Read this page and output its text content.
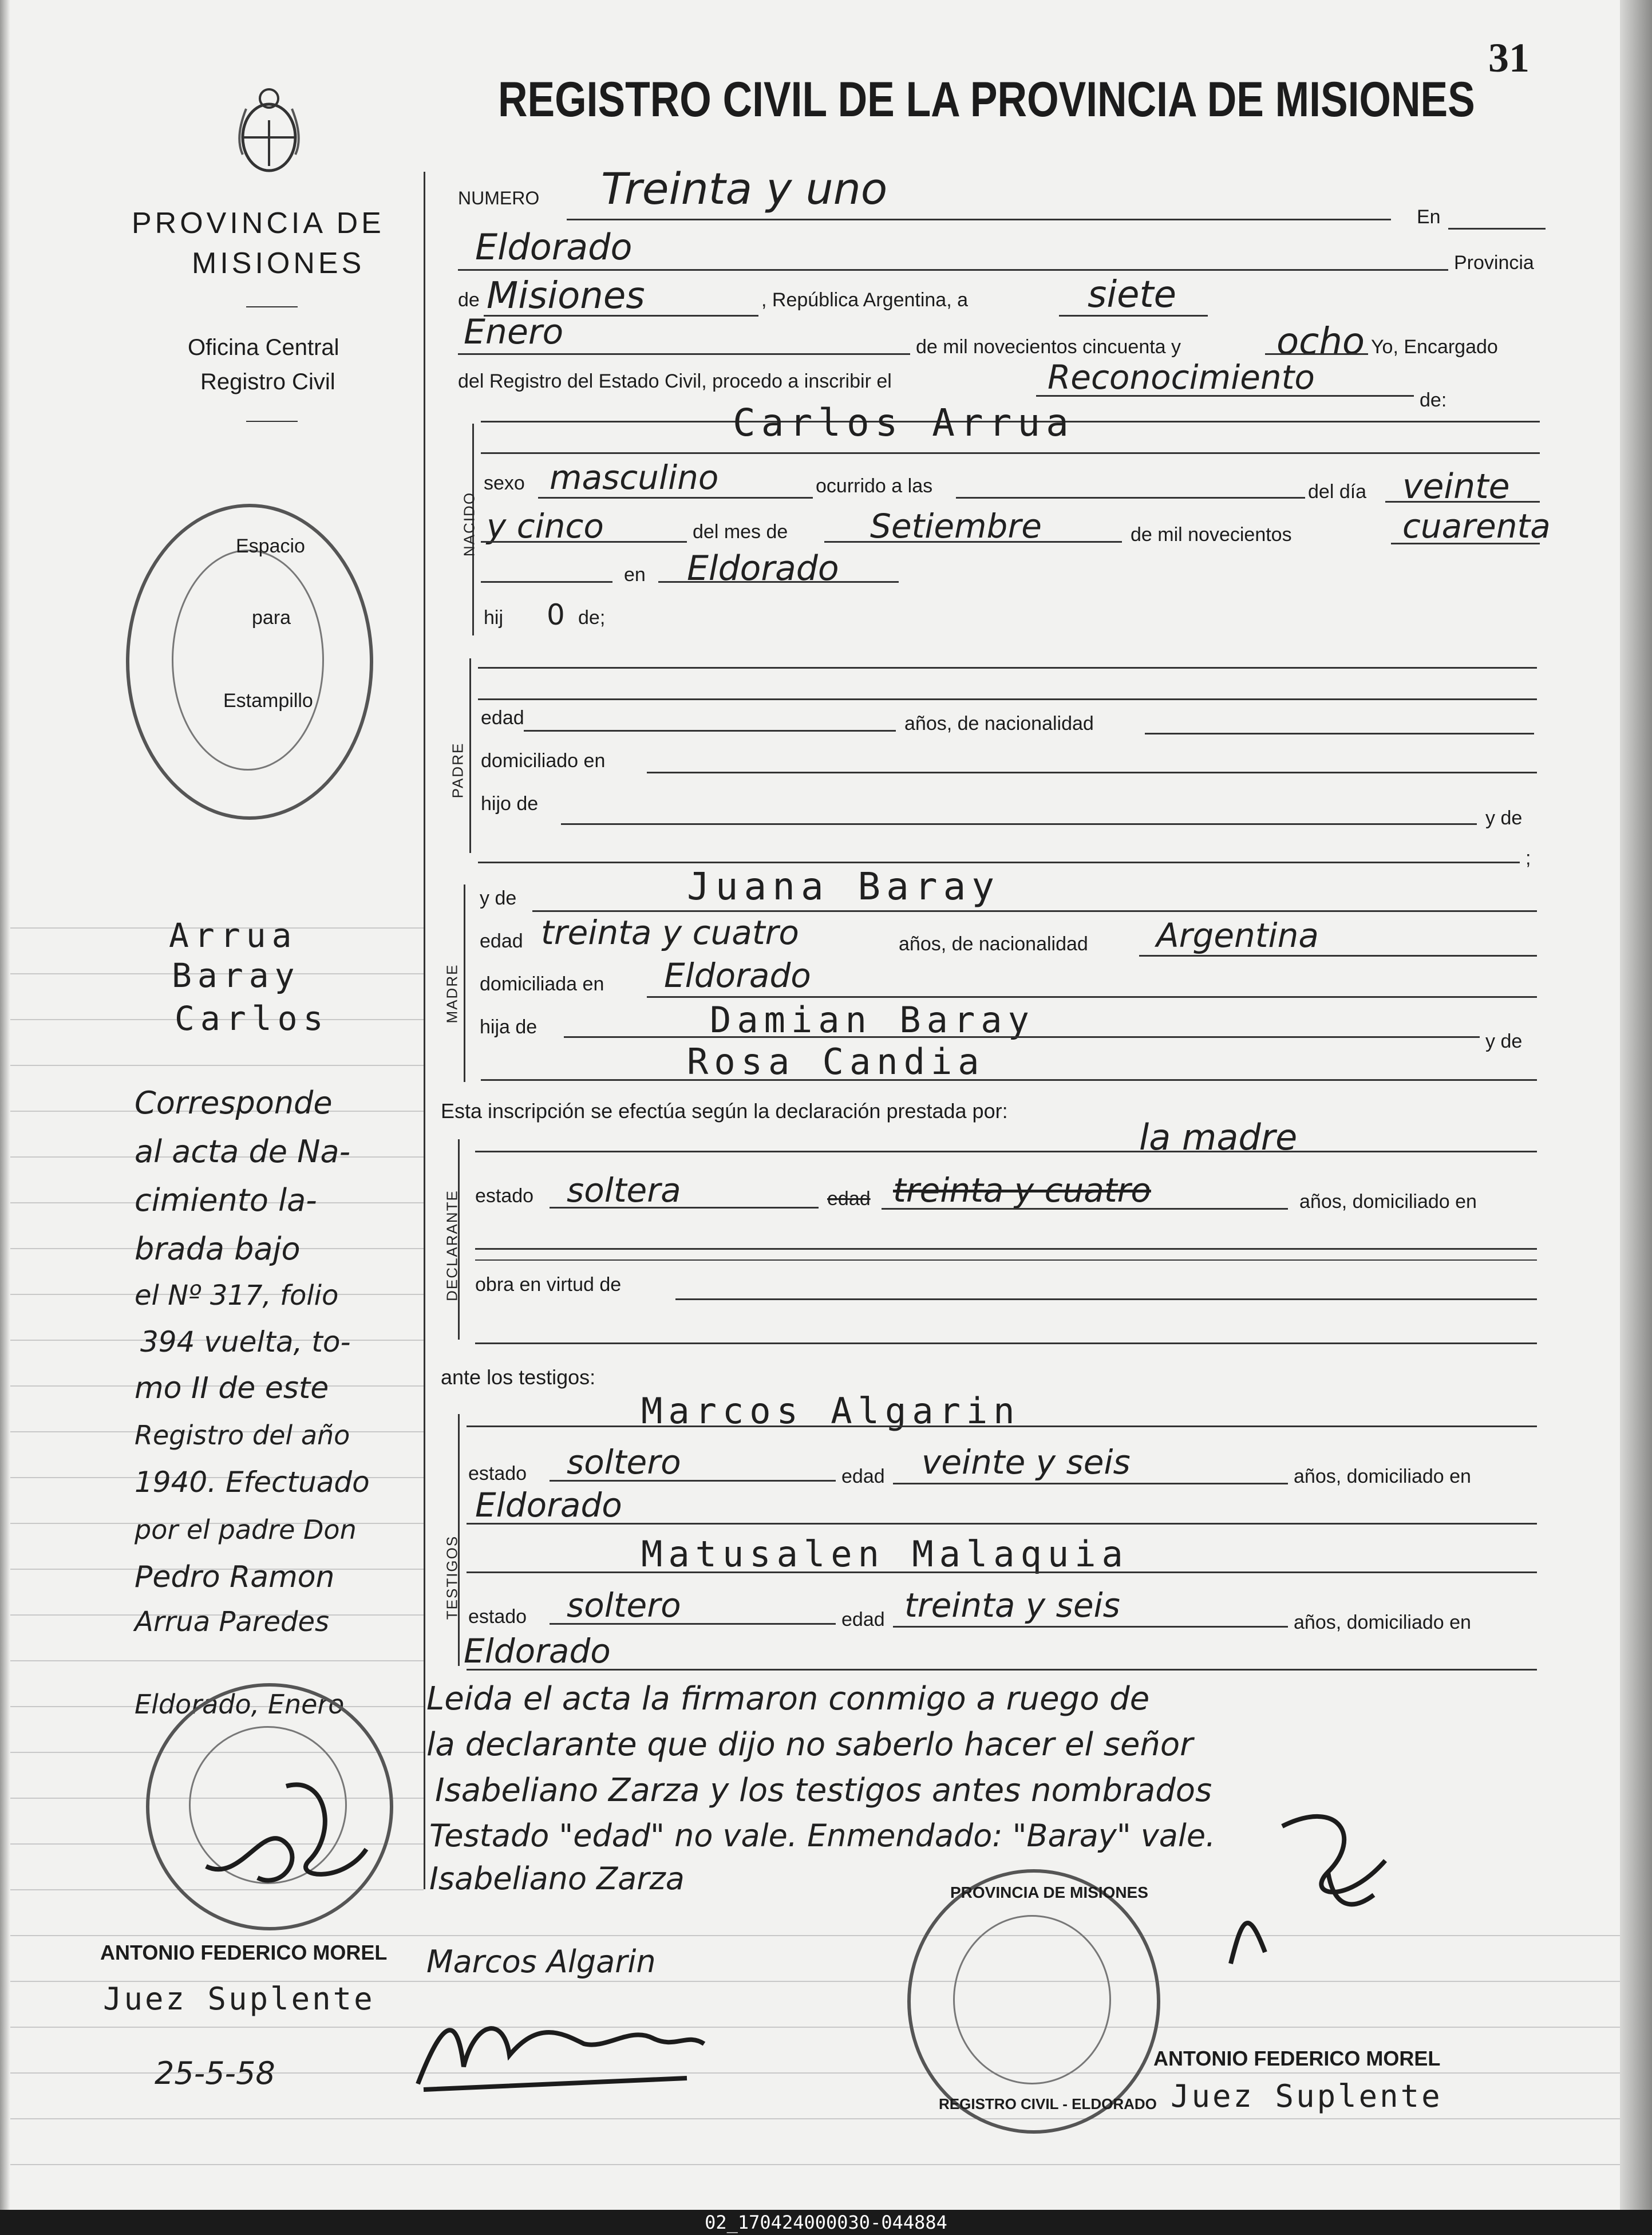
31
PROVINCIA DE
MISIONES
Oficina Central
Registro Civil
REGISTRO CIVIL DE LA PROVINCIA DE MISIONES
Espacio
para
Estampillo
NUMERO Treinta y uno
En
Eldorado	Provincia
de Misiones	, República Argentina, a	siete
Enero	de mil novecientos cincuenta y	ocho Yo, Encargado
del Registro del Estado Civil, procedo a inscribir el	Reconocimiento
de:
Carlos Arrua
NACIDO
sexo masculino	ocurrido a las	del día veinte
y cinco	del mes de Setiembre	de mil novecientos	cuarenta
en Eldorado
hij 0 de;
PADRE
edad	años, de nacionalidad
domiciliado en
hijo de
y de
;
MADRE
y de	Juana Baray
edad treinta y cuatro	años, de nacionalidad Argentina
domiciliada en Eldorado
hija de	Damian Baray
y de
Rosa Candia
Esta inscripción se efectúa según la declaración prestada por:
DECLARANTE
la madre
estado soltera	edad treinta y cuatro	años, domiciliado en
obra en virtud de
ante los testigos:
TESTIGOS
Marcos Algarin
estado soltero	edad veinte y seis	años, domiciliado en
Eldorado
Matusalen Malaquia
estado soltero	edad treinta y seis	años, domiciliado en
Eldorado
Leida el acta la firmaron conmigo a ruego de
la declarante que dijo no saberlo hacer el señor
Isabeliano Zarza y los testigos antes nombrados
Testado "edad" no vale. Enmendado: "Baray" vale.
Isabeliano Zarza
Arrua
Baray
Carlos
Corresponde
al acta de Na-
cimiento la-
brada bajo
el Nº 317, folio
394 vuelta, to-
mo II de este
Registro del año
1940. Efectuado
por el padre Don
Pedro Ramon
Arrua Paredes
Eldorado, Enero
ANTONIO FEDERICO MOREL
Juez Suplente
25-5-58
Marcos Algarin
PROVINCIA DE MISIONES
REGISTRO CIVIL - ELDORADO
ANTONIO FEDERICO MOREL
Juez Suplente
02_170424000030-044884
